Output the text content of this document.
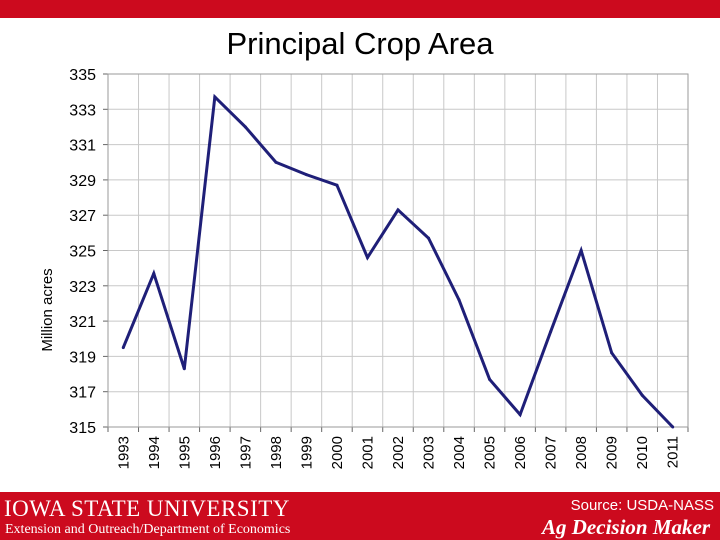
Principal Crop Area
315
317
319
321
323
325
327
329
331
333
335
1993 1994 1995 1996 1997 1998 1999 2000 2001 2002 2003 2004 2005 2006 2007 2008 2009 2010 2011
Million acres
IOWA STATE UNIVERSITY
Extension and Outreach/Department of Economics
Source: USDA-NASS
Ag Decision Maker
